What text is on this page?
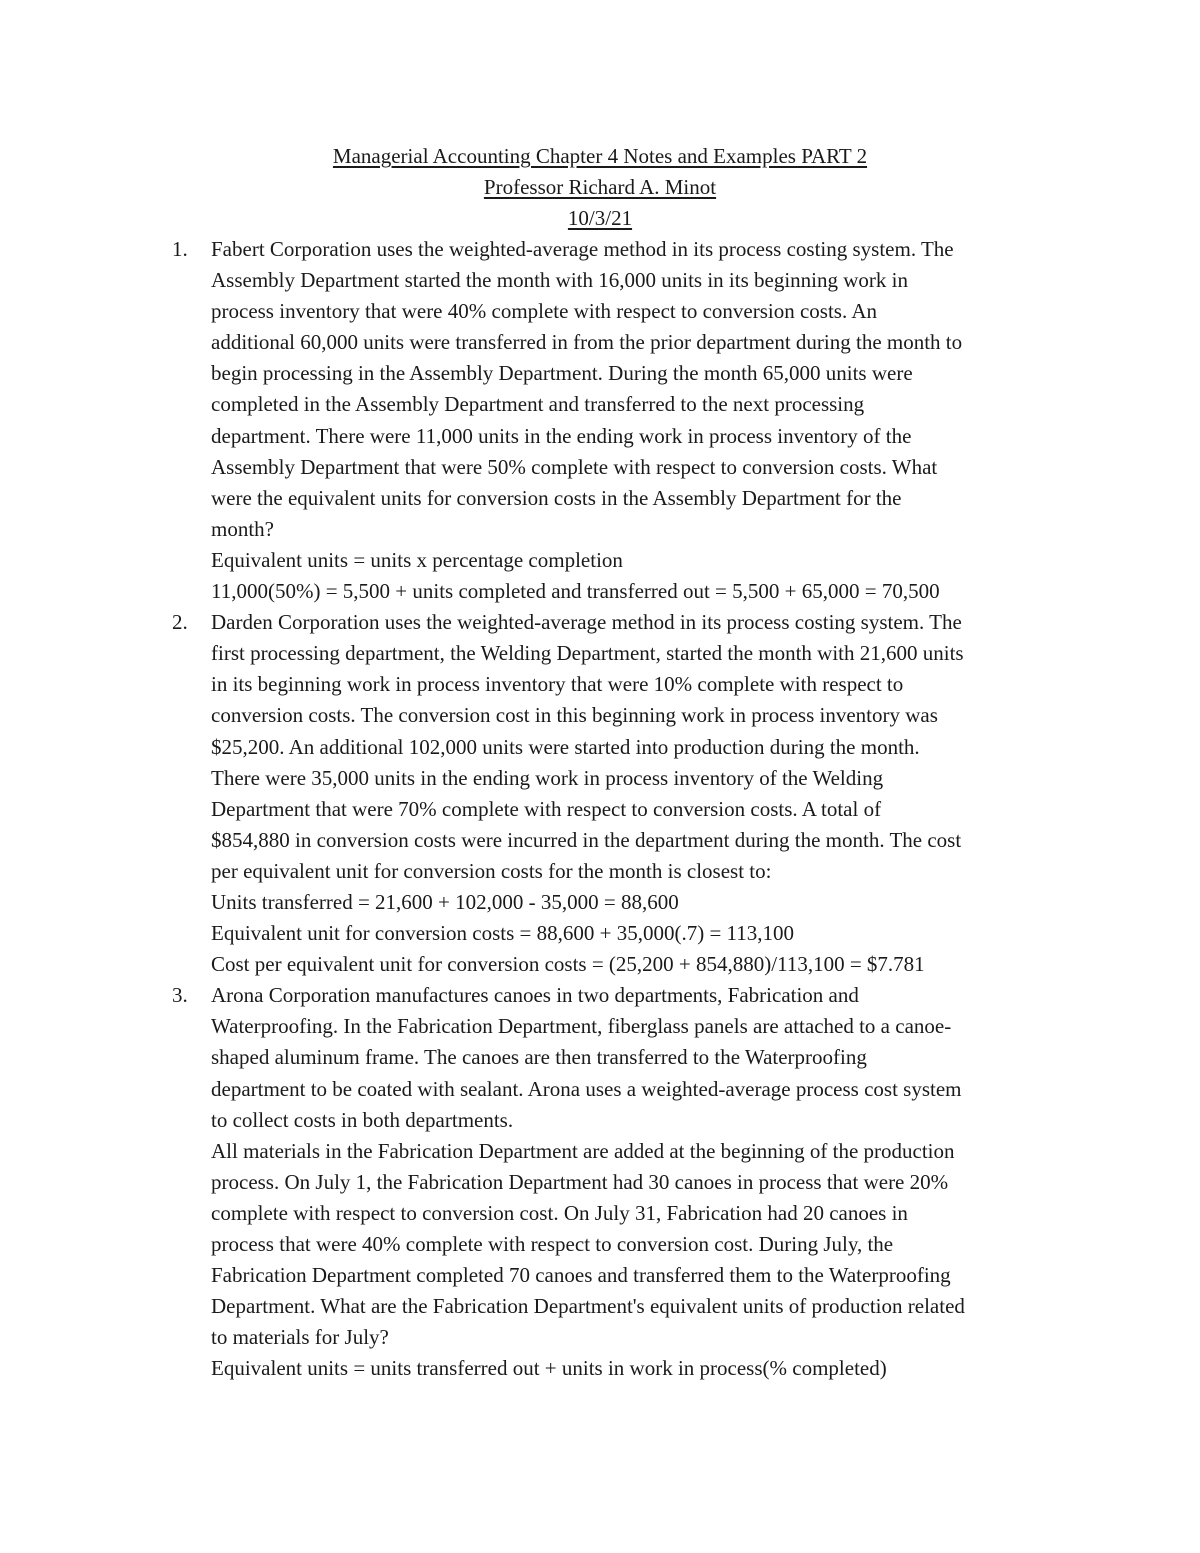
Managerial Accounting Chapter 4 Notes and Examples PART 2
Professor Richard A. Minot
10/3/21
1. Fabert Corporation uses the weighted-average method in its process costing system. The
Assembly Department started the month with 16,000 units in its beginning work in
process inventory that were 40% complete with respect to conversion costs. An
additional 60,000 units were transferred in from the prior department during the month to
begin processing in the Assembly Department. During the month 65,000 units were
completed in the Assembly Department and transferred to the next processing
department. There were 11,000 units in the ending work in process inventory of the
Assembly Department that were 50% complete with respect to conversion costs. What
were the equivalent units for conversion costs in the Assembly Department for the
month?
Equivalent units = units x percentage completion
11,000(50%) = 5,500 + units completed and transferred out = 5,500 + 65,000 = 70,500
2. Darden Corporation uses the weighted-average method in its process costing system. The
first processing department, the Welding Department, started the month with 21,600 units
in its beginning work in process inventory that were 10% complete with respect to
conversion costs. The conversion cost in this beginning work in process inventory was
$25,200. An additional 102,000 units were started into production during the month.
There were 35,000 units in the ending work in process inventory of the Welding
Department that were 70% complete with respect to conversion costs. A total of
$854,880 in conversion costs were incurred in the department during the month. The cost
per equivalent unit for conversion costs for the month is closest to:
Units transferred = 21,600 + 102,000 - 35,000 = 88,600
Equivalent unit for conversion costs = 88,600 + 35,000(.7) = 113,100
Cost per equivalent unit for conversion costs = (25,200 + 854,880)/113,100 = $7.781
3. Arona Corporation manufactures canoes in two departments, Fabrication and
Waterproofing. In the Fabrication Department, fiberglass panels are attached to a canoe-
shaped aluminum frame. The canoes are then transferred to the Waterproofing
department to be coated with sealant. Arona uses a weighted-average process cost system
to collect costs in both departments.
All materials in the Fabrication Department are added at the beginning of the production
process. On July 1, the Fabrication Department had 30 canoes in process that were 20%
complete with respect to conversion cost. On July 31, Fabrication had 20 canoes in
process that were 40% complete with respect to conversion cost. During July, the
Fabrication Department completed 70 canoes and transferred them to the Waterproofing
Department. What are the Fabrication Department's equivalent units of production related
to materials for July?
Equivalent units = units transferred out + units in work in process(% completed)
